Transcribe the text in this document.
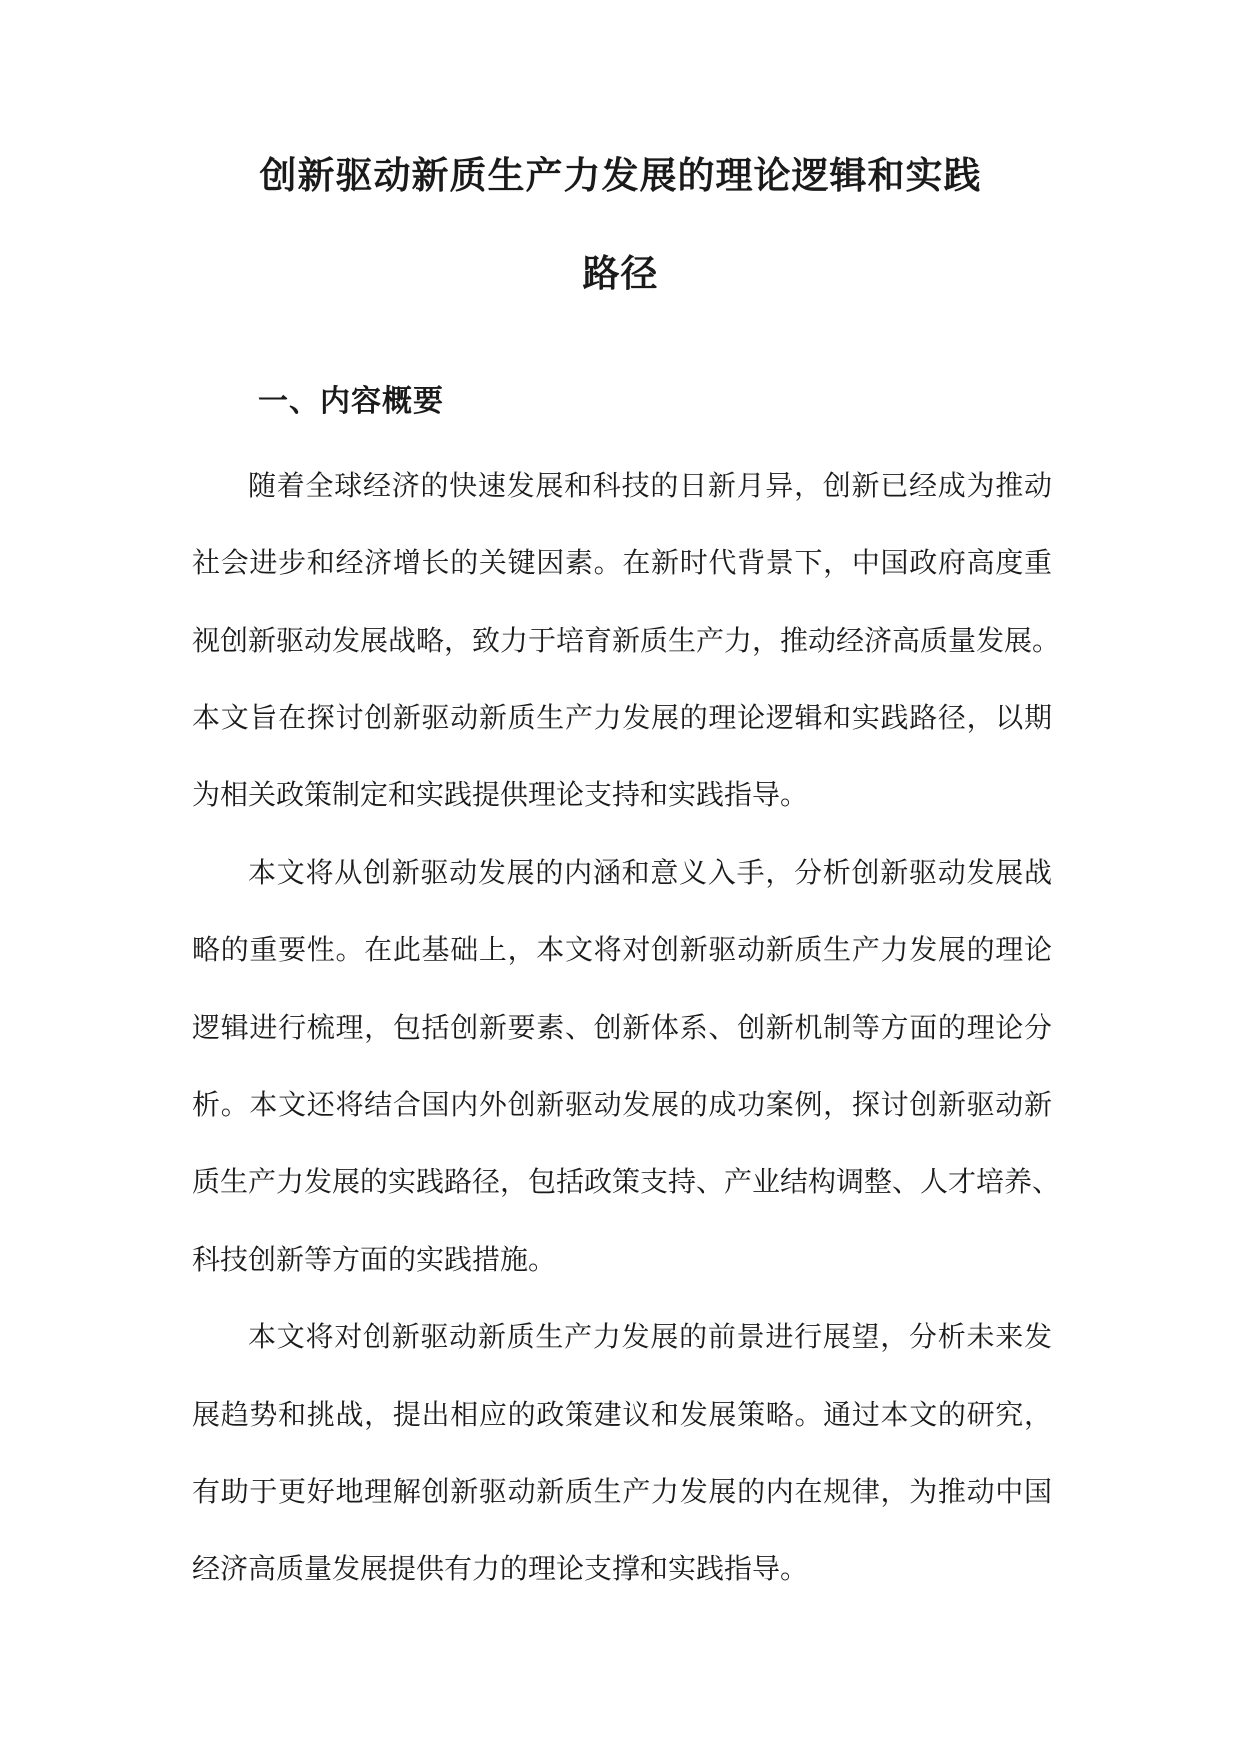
创新驱动新质生产力发展的理论逻辑和实践
路径
一、内容概要
随着全球经济的快速发展和科技的日新月异，创新已经成为推动
社会进步和经济增长的关键因素。在新时代背景下，中国政府高度重
视创新驱动发展战略，致力于培育新质生产力，推动经济高质量发展。
本文旨在探讨创新驱动新质生产力发展的理论逻辑和实践路径，以期
为相关政策制定和实践提供理论支持和实践指导。
本文将从创新驱动发展的内涵和意义入手，分析创新驱动发展战
略的重要性。在此基础上，本文将对创新驱动新质生产力发展的理论
逻辑进行梳理，包括创新要素、创新体系、创新机制等方面的理论分
析。本文还将结合国内外创新驱动发展的成功案例，探讨创新驱动新
质生产力发展的实践路径，包括政策支持、产业结构调整、人才培养、
科技创新等方面的实践措施。
本文将对创新驱动新质生产力发展的前景进行展望，分析未来发
展趋势和挑战，提出相应的政策建议和发展策略。通过本文的研究，
有助于更好地理解创新驱动新质生产力发展的内在规律，为推动中国
经济高质量发展提供有力的理论支撑和实践指导。
